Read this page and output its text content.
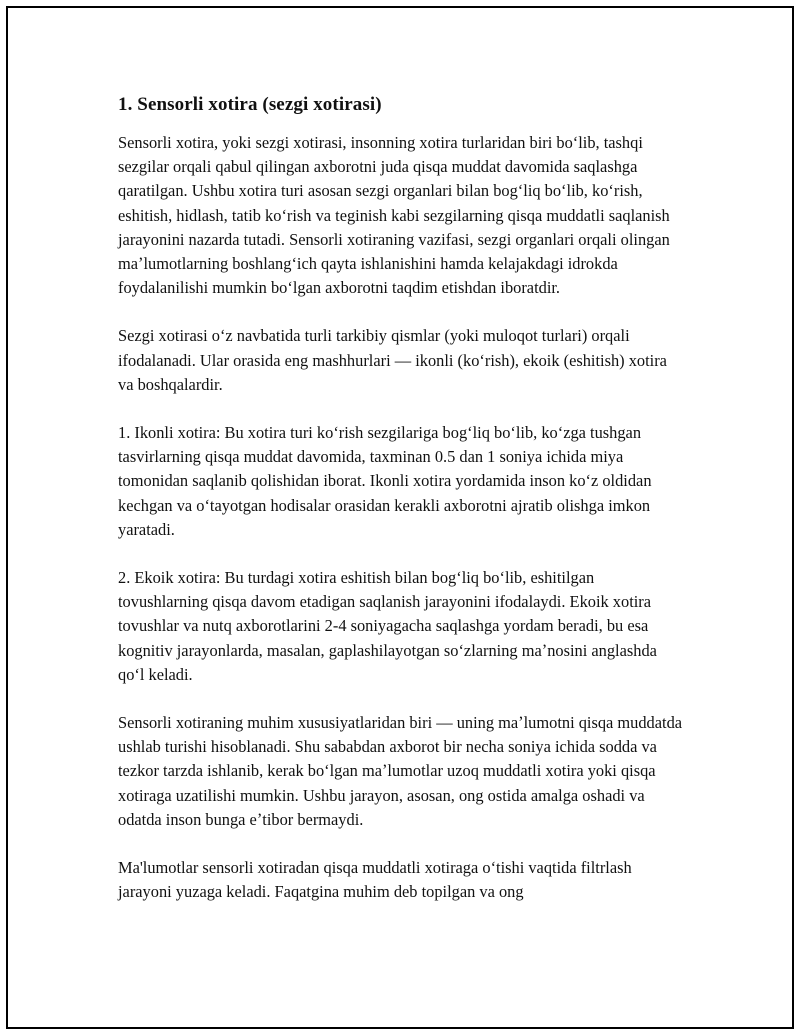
1. Sensorli xotira (sezgi xotirasi)

Sensorli xotira, yoki sezgi xotirasi, insonning xotira turlaridan biri boʻlib, tashqi sezgilar orqali qabul qilingan axborotni juda qisqa muddat davomida saqlashga qaratilgan. Ushbu xotira turi asosan sezgi organlari bilan bogʻliq boʻlib, koʻrish, eshitish, hidlash, tatib koʻrish va teginish kabi sezgilarning qisqa muddatli saqlanish jarayonini nazarda tutadi. Sensorli xotiraning vazifasi, sezgi organlari orqali olingan maʼlumotlarning boshlangʻich qayta ishlanishini hamda kelajakdagi idrokda foydalanilishi mumkin boʻlgan axborotni taqdim etishdan iboratdir.

Sezgi xotirasi oʻz navbatida turli tarkibiy qismlar (yoki muloqot turlari) orqali ifodalanadi. Ular orasida eng mashhurlari — ikonli (koʻrish), ekoik (eshitish) xotira va boshqalardir.

1. Ikonli xotira: Bu xotira turi koʻrish sezgilariga bogʻliq boʻlib, koʻzga tushgan tasvirlarning qisqa muddat davomida, taxminan 0.5 dan 1 soniya ichida miya tomonidan saqlanib qolishidan iborat. Ikonli xotira yordamida inson koʻz oldidan kechgan va oʻtayotgan hodisalar orasidan kerakli axborotni ajratib olishga imkon yaratadi.

2. Ekoik xotira: Bu turdagi xotira eshitish bilan bogʻliq boʻlib, eshitilgan tovushlarning qisqa davom etadigan saqlanish jarayonini ifodalaydi. Ekoik xotira tovushlar va nutq axborotlarini 2-4 soniyagacha saqlashga yordam beradi, bu esa kognitiv jarayonlarda, masalan, gaplashilayotgan soʻzlarning maʼnosini anglashda qoʻl keladi.

Sensorli xotiraning muhim xususiyatlaridan biri — uning maʼlumotni qisqa muddatda ushlab turishi hisoblanadi. Shu sababdan axborot bir necha soniya ichida sodda va tezkor tarzda ishlanib, kerak boʻlgan maʼlumotlar uzoq muddatli xotira yoki qisqa xotiraga uzatilishi mumkin. Ushbu jarayon, asosan, ong ostida amalga oshadi va odatda inson bunga eʼtibor bermaydi.

Ma'lumotlar sensorli xotiradan qisqa muddatli xotiraga oʻtishi vaqtida filtrlash jarayoni yuzaga keladi. Faqatgina muhim deb topilgan va ong
